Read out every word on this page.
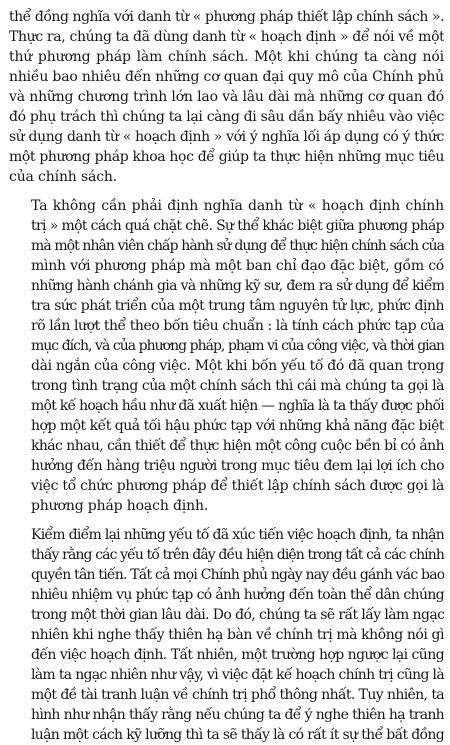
thể đồng nghĩa với danh từ « phương pháp thiết lập chính sách ».
Thực ra, chúng ta đã dùng danh từ « hoạch định » để nói về một
thứ phương pháp làm chính sách. Một khi chúng ta càng nói
nhiều bao nhiêu đến những cơ quan đại quy mô của Chính phủ
và những chương trình lớn lao và lâu dài mà những cơ quan đó
đó phụ trách thì chúng ta lại càng đi sâu dần bấy nhiêu vào việc
sử dụng danh từ « hoạch định » với ý nghĩa lối áp dụng có ý thức
một phương pháp khoa học để giúp ta thực hiện những mục tiêu
của chính sách.

Ta không cần phải định nghĩa danh từ « hoạch định chính
trị » một cách quá chặt chẽ. Sự thể khác biệt giữa phương pháp
mà một nhân viên chấp hành sử dụng để thực hiện chính sách của
mình với phương pháp mà một ban chỉ đạo đặc biệt, gồm có
những hành chánh gia và những kỹ sư, đem ra sử dụng để kiểm
tra sức phát triển của một trung tâm nguyên tử lực, phức định
rõ lần lượt thể theo bốn tiêu chuẩn : là tính cách phức tạp của
mục đích, và của phương pháp, phạm vi của công việc, và thời gian
dài ngắn của công việc. Một khi bốn yếu tố đó đã quan trọng
trong tình trạng của một chính sách thì cái mà chúng ta gọi là
một kế hoạch hầu như đã xuất hiện — nghĩa là ta thấy được phối
hợp một kết quả tối hậu phức tạp với những khả năng đặc biệt
khác nhau, cần thiết để thực hiện một công cuộc bền bỉ có ảnh
hưởng đến hàng triệu người trong mục tiêu đem lại lợi ích cho
việc tổ chức phương pháp để thiết lập chính sách được gọi là
phương pháp hoạch định.

Kiểm điểm lại những yếu tố đã xúc tiến việc hoạch định, ta nhận
thấy rằng các yếu tố trên đây đều hiện diện trong tất cả các chính
quyền tân tiến. Tất cả mọi Chính phủ ngày nay đều gánh vác bao
nhiêu nhiệm vụ phức tạp có ảnh hưởng đến toàn thể dân chúng
trong một thời gian lâu dài. Do đó, chúng ta sẽ rất lấy làm ngạc
nhiên khi nghe thấy thiên hạ bàn về chính trị mà không nói gì
đến việc hoạch định. Tất nhiên, một trường hợp ngược lại cũng
làm ta ngạc nhiên như vậy, vì việc đặt kế hoạch chính trị cũng là
một đề tài tranh luận về chính trị phổ thông nhất. Tuy nhiên, ta
hình như nhận thấy rằng nếu chúng ta để ý nghe thiên hạ tranh
luận một cách kỹ lưỡng thì ta sẽ thấy là có rất ít sự thể bất đồng
